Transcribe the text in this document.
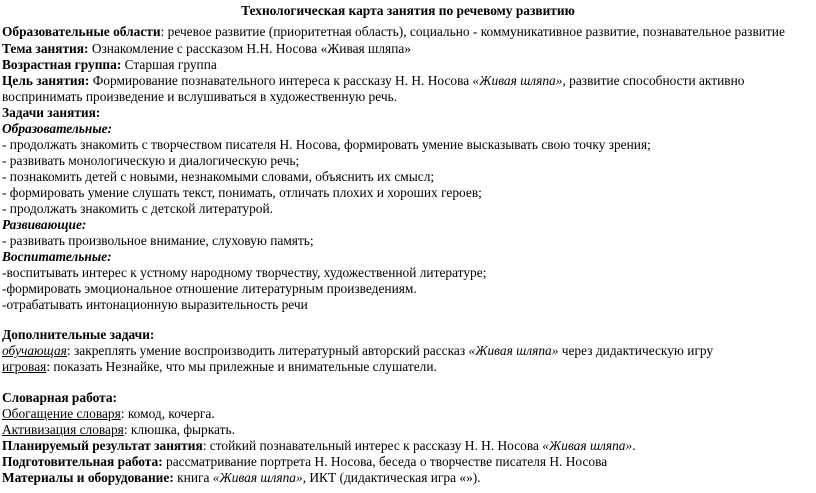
Технологическая карта занятия по речевому развитию
Образовательные области: речевое развитие (приоритетная область), социально - коммуникативное развитие, познавательное развитие
Тема занятия: Ознакомление с рассказом Н.Н. Носова «Живая шляпа»
Возрастная группа: Старшая группа
Цель занятия: Формирование познавательного интереса к рассказу Н. Н. Носова «Живая шляпа», развитие способности активно
воспринимать произведение и вслушиваться в художественную речь.
Задачи занятия:
Образовательные:
- продолжать знакомить с творчеством писателя Н. Носова, формировать умение высказывать свою точку зрения;
- развивать монологическую и диалогическую речь;
- познакомить детей с новыми, незнакомыми словами, объяснить их смысл;
- формировать умение слушать текст, понимать, отличать плохих и хороших героев;
- продолжать знакомить с детской литературой.
Развивающие:
- развивать произвольное внимание, слуховую память;
Воспитательные:
-воспитывать интерес к устному народному творчеству, художественной литературе;
-формировать эмоциональное отношение литературным произведениям.
-отрабатывать интонационную выразительность речи
Дополнительные задачи:
обучающая: закреплять умение воспроизводить литературный авторский рассказ «Живая шляпа» через дидактическую игру
игровая: показать Незнайке, что мы прилежные и внимательные слушатели.
Словарная работа:
Обогащение словаря: комод, кочерга.
Активизация словаря: клюшка, фыркать.
Планируемый результат занятия: стойкий познавательный интерес к рассказу Н. Н. Носова «Живая шляпа».
Подготовительная работа: рассматривание портрета Н. Носова, беседа о творчестве писателя Н. Носова
Материалы и оборудование: книга «Живая шляпа», ИКТ (дидактическая игра «»).
